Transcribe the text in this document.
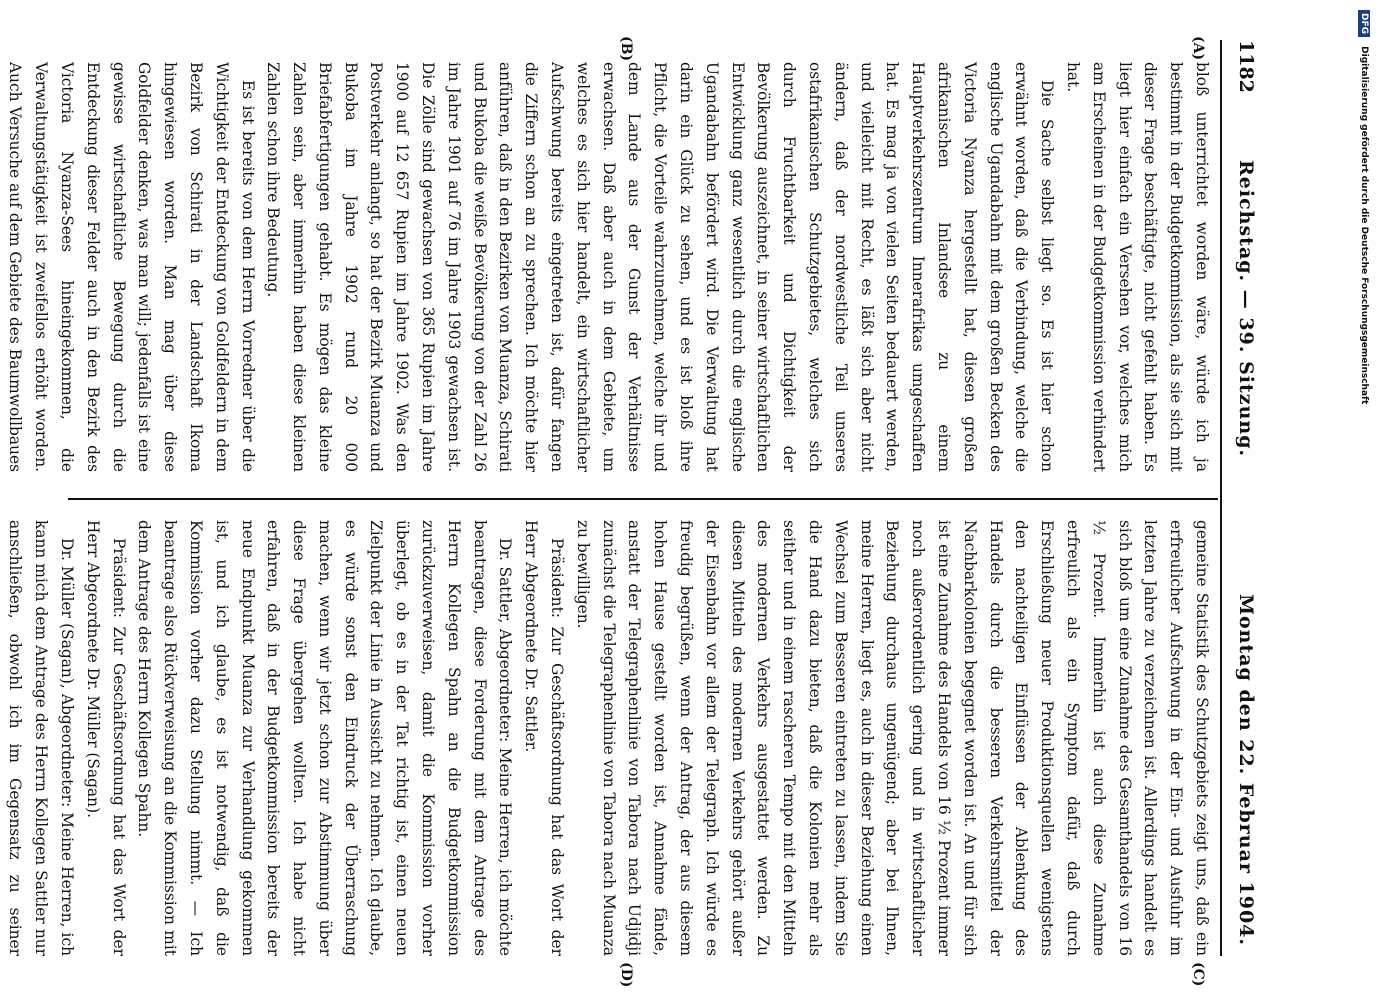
1182
Reichstag. — 39. Sitzung.
Montag den 22. Februar 1904.
(A)
(B)
(C)
(D)

bloß unterrichtet worden wäre, würde ich ja bestimmt in der Budgetkommission, als sie sich mit dieser Frage beschäftigte, nicht gefehlt haben. Es liegt hier einfach ein Versehen vor, welches mich am Erscheinen in der Budgetkommission verhindert hat.

Die Sache selbst liegt so. Es ist hier schon erwähnt worden, daß die Verbindung, welche die englische Ugandabahn mit dem großen Becken des Victoria Nyanza hergestellt hat, diesen großen afrikanischen Inlandsee zu einem Hauptverkehrszentrum Innerafrikas umgeschaffen hat. Es mag ja von vielen Seiten bedauert werden, und vielleicht mit Recht, es läßt sich aber nicht ändern, daß der nordwestliche Teil unseres ostafrikanischen Schutzgebietes, welches sich durch Fruchtbarkeit und Dichtigkeit der Bevölkerung auszeichnet, in seiner wirtschaftlichen Entwicklung ganz wesentlich durch die englische Ugandabahn befördert wird. Die Verwaltung hat darin ein Glück zu sehen, und es ist bloß ihre Pflicht, die Vorteile wahrzunehmen, welche ihr und dem Lande aus der Gunst der Verhältnisse erwachsen. Daß aber auch in dem Gebiete, um welches es sich hier handelt, ein wirtschaftlicher Aufschwung bereits eingetreten ist, dafür fangen die Ziffern schon an zu sprechen. Ich möchte hier anführen, daß in den Bezirken von Muanza, Schirati und Bukoba die weiße Bevölkerung von der Zahl 26 im Jahre 1901 auf 76 im Jahre 1903 gewachsen ist. Die Zölle sind gewachsen von 365 Rupien im Jahre 1900 auf 12 657 Rupien im Jahre 1902. Was den Postverkehr anlangt, so hat der Bezirk Muanza und Bukoba im Jahre 1902 rund 20 000 Briefabfertigungen gehabt. Es mögen das kleine Zahlen sein, aber immerhin haben diese kleinen Zahlen schon ihre Bedeutung.

Es ist bereits von dem Herrn Vorredner über die Wichtigkeit der Entdeckung von Goldfeldern in dem Bezirk von Schirati in der Landschaft Ikoma hingewiesen worden. Man mag über diese Goldfelder denken, was man will; jedenfalls ist eine gewisse wirtschaftliche Bewegung durch die Entdeckung dieser Felder auch in den Bezirk des Victoria Nyanza-Sees hineingekommen, die Verwaltungstätigkeit ist zweifellos erhöht worden. Auch Versuche auf dem Gebiete des Baumwollbaues

gemeine Statistik des Schutzgebiets zeigt uns, daß ein erfreulicher Aufschwung in der Ein- und Ausfuhr im letzten Jahre zu verzeichnen ist. Allerdings handelt es sich bloß um eine Zunahme des Gesamthandels von 16 ½ Prozent. Immerhin ist auch diese Zunahme erfreulich als ein Symptom dafür, daß durch Erschließung neuer Produktionsquellen wenigstens den nachteiligen Einflüssen der Ablenkung des Handels durch die besseren Verkehrsmittel der Nachbarkolonien begegnet worden ist. An und für sich ist eine Zunahme des Handels von 16 ½ Prozent immer noch außerordentlich gering und in wirtschaftlicher Beziehung durchaus ungenügend; aber bei Ihnen, meine Herren, liegt es, auch in dieser Beziehung einen Wechsel zum Besseren eintreten zu lassen, indem Sie die Hand dazu bieten, daß die Kolonien mehr als seither und in einem rascheren Tempo mit den Mitteln des modernen Verkehrs ausgestattet werden. Zu diesen Mitteln des modernen Verkehrs gehört außer der Eisenbahn vor allem der Telegraph. Ich würde es freudig begrüßen, wenn der Antrag, der aus diesem hohen Hause gestellt worden ist, Annahme fände, anstatt der Telegraphenlinie von Tabora nach Udjidji zunächst die Telegraphenlinie von Tabora nach Muanza zu bewilligen.

Präsident: Zur Geschäftsordnung hat das Wort der Herr Abgeordnete Dr. Sattler.

Dr. Sattler, Abgeordneter: Meine Herren, ich möchte beantragen, diese Forderung mit dem Antrage des Herrn Kollegen Spahn an die Budgetkommission zurückzuverweisen, damit die Kommission vorher überlegt, ob es in der Tat richtig ist, einen neuen Zielpunkt der Linie in Aussicht zu nehmen. Ich glaube, es würde sonst den Eindruck der Überraschung machen, wenn wir jetzt schon zur Abstimmung über diese Frage übergehen wollten. Ich habe nicht erfahren, daß in der Budgetkommission bereits der neue Endpunkt Muanza zur Verhandlung gekommen ist, und ich glaube, es ist notwendig, daß die Kommission vorher dazu Stellung nimmt. — Ich beantrage also Rückverweisung an die Kommission mit dem Antrage des Herrn Kollegen Spahn.

Präsident: Zur Geschäftsordnung hat das Wort der Herr Abgeordnete Dr. Müller (Sagan).

Dr. Müller (Sagan), Abgeordneter: Meine Herren, ich kann mich dem Antrage des Herrn Kollegen Sattler nur anschließen, obwohl ich im Gegensatz zu seiner

DFG Digitalisierung gefördert durch die Deutsche Forschungsgemeinschaft
